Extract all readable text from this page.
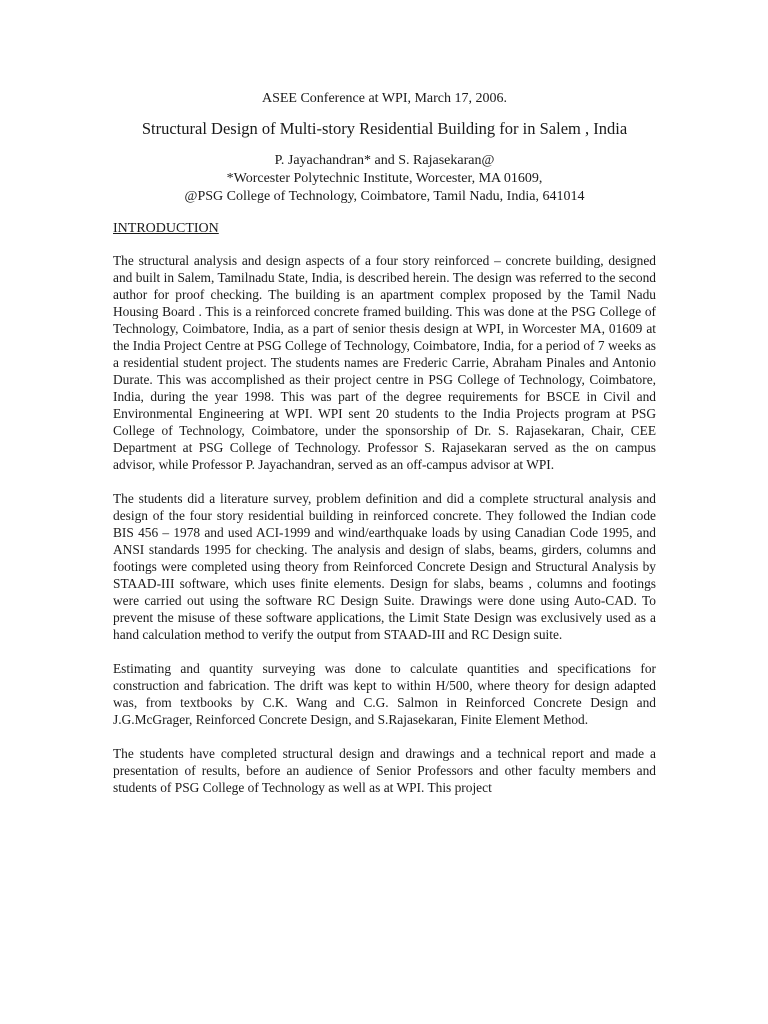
ASEE Conference at WPI, March 17, 2006.

Structural Design of Multi-story Residential Building for in Salem , India

P. Jayachandran* and S. Rajasekaran@

*Worcester Polytechnic Institute, Worcester, MA 01609,

@PSG College of Technology, Coimbatore, Tamil Nadu, India, 641014

INTRODUCTION

The structural analysis and design aspects of a four story reinforced – concrete building, designed and built in Salem, Tamilnadu State, India, is described herein. The design was referred to the second author for proof checking. The building is an apartment complex proposed by the Tamil Nadu Housing Board . This is a reinforced concrete framed building. This was done at the PSG College of Technology, Coimbatore, India, as a part of senior thesis design at WPI, in Worcester MA, 01609 at the India Project Centre at PSG College of Technology, Coimbatore, India, for a period of 7 weeks as a residential student project. The students names are Frederic Carrie, Abraham Pinales and Antonio Durate. This was accomplished as their project centre in PSG College of Technology, Coimbatore, India, during the year 1998. This was part of the degree requirements for BSCE in Civil and Environmental Engineering at WPI. WPI sent 20 students to the India Projects program at PSG College of Technology, Coimbatore, under the sponsorship of Dr. S. Rajasekaran, Chair, CEE Department at PSG College of Technology. Professor S. Rajasekaran served as the on campus advisor, while Professor P. Jayachandran, served as an off-campus advisor at WPI.

The students did a literature survey, problem definition and did a complete structural analysis and design of the four story residential building in reinforced concrete. They followed the Indian code BIS 456 – 1978 and used ACI-1999 and wind/earthquake loads by using Canadian Code 1995, and ANSI standards 1995 for checking. The analysis and design of slabs, beams, girders, columns and footings were completed using theory from Reinforced Concrete Design and Structural Analysis by STAAD-III software, which uses finite elements. Design for slabs, beams , columns and footings were carried out using the software RC Design Suite. Drawings were done using Auto-CAD. To prevent the misuse of these software applications, the Limit State Design was exclusively used as a hand calculation method to verify the output from STAAD-III and RC Design suite.

Estimating and quantity surveying was done to calculate quantities and specifications for construction and fabrication. The drift was kept to within H/500, where theory for design adapted was, from textbooks by C.K. Wang and C.G. Salmon in Reinforced Concrete Design and J.G.McGrager, Reinforced Concrete Design, and S.Rajasekaran, Finite Element Method.

The students have completed structural design and drawings and a technical report and made a presentation of results, before an audience of Senior Professors and other faculty members and students of PSG College of Technology as well as at WPI. This project
